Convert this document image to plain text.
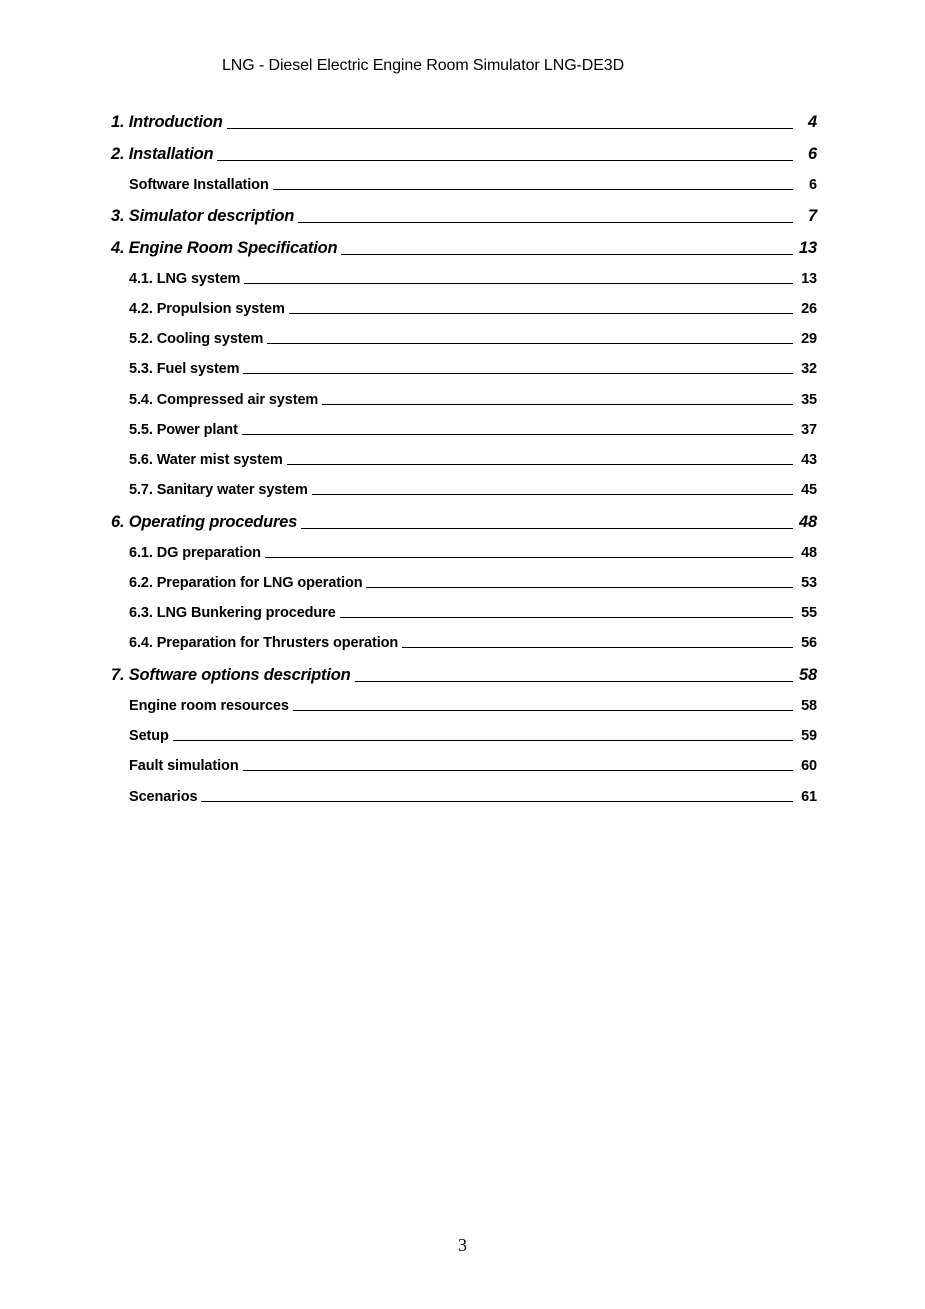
LNG - Diesel Electric Engine Room Simulator LNG-DE3D
1. Introduction	4
2. Installation	6
Software Installation	6
3. Simulator description	7
4. Engine Room Specification	13
4.1. LNG system	13
4.2. Propulsion system	26
5.2. Cooling system	29
5.3. Fuel system	32
5.4. Compressed air system	35
5.5. Power plant	37
5.6. Water mist system	43
5.7. Sanitary water system	45
6. Operating procedures	48
6.1. DG preparation	48
6.2. Preparation for LNG operation	53
6.3. LNG Bunkering procedure	55
6.4. Preparation for Thrusters operation	56
7. Software options description	58
Engine room resources	58
Setup	59
Fault simulation	60
Scenarios	61
3
